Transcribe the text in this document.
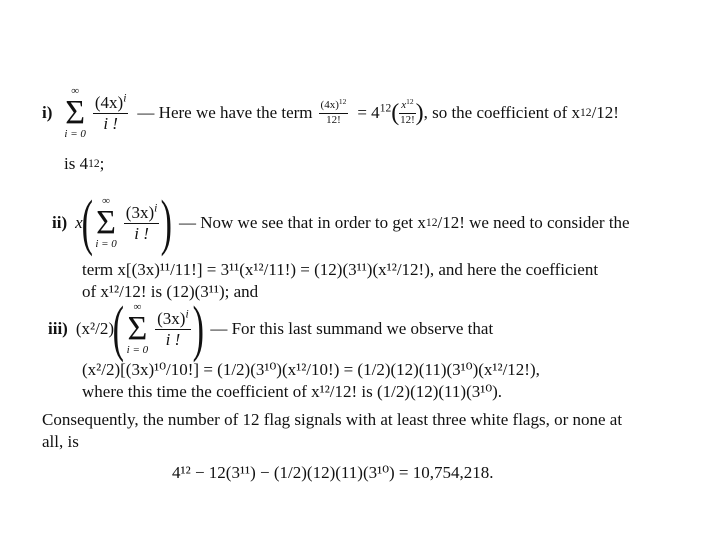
i)
∞
Σ
i = 0
$\frac{(4x)^i}{i !}$ — Here we have the term $\frac{(4x)^{12}}{12!} = 4^{12}$ ( $\frac{x^{12}}{12!}$ ) , so the coefficient of x 12 /12!
is 4 12 ;
ii) x
( ∞
Σ
i = 0
$\frac{(3x)^i}{i !}$ ) — Now we see that in order to get x 12 /12! we need to consider the
term x[(3x)¹¹/11!] = 3¹¹(x¹²/11!) = (12)(3¹¹)(x¹²/12!), and here the coefficient
of x¹²/12! is (12)(3¹¹); and
iii) (x²/2)
( ∞
Σ
i = 0
$\frac{(3x)^i}{i !}$ ) — For this last summand we observe that
(x²/2)[(3x)¹⁰/10!] = (1/2)(3¹⁰)(x¹²/10!) = (1/2)(12)(11)(3¹⁰)(x¹²/12!),
where this time the coefficient of x¹²/12! is (1/2)(12)(11)(3¹⁰).
Consequently, the number of 12 flag signals with at least three white flags, or none at
all, is
4¹² − 12(3¹¹) − (1/2)(12)(11)(3¹⁰) = 10,754,218.
